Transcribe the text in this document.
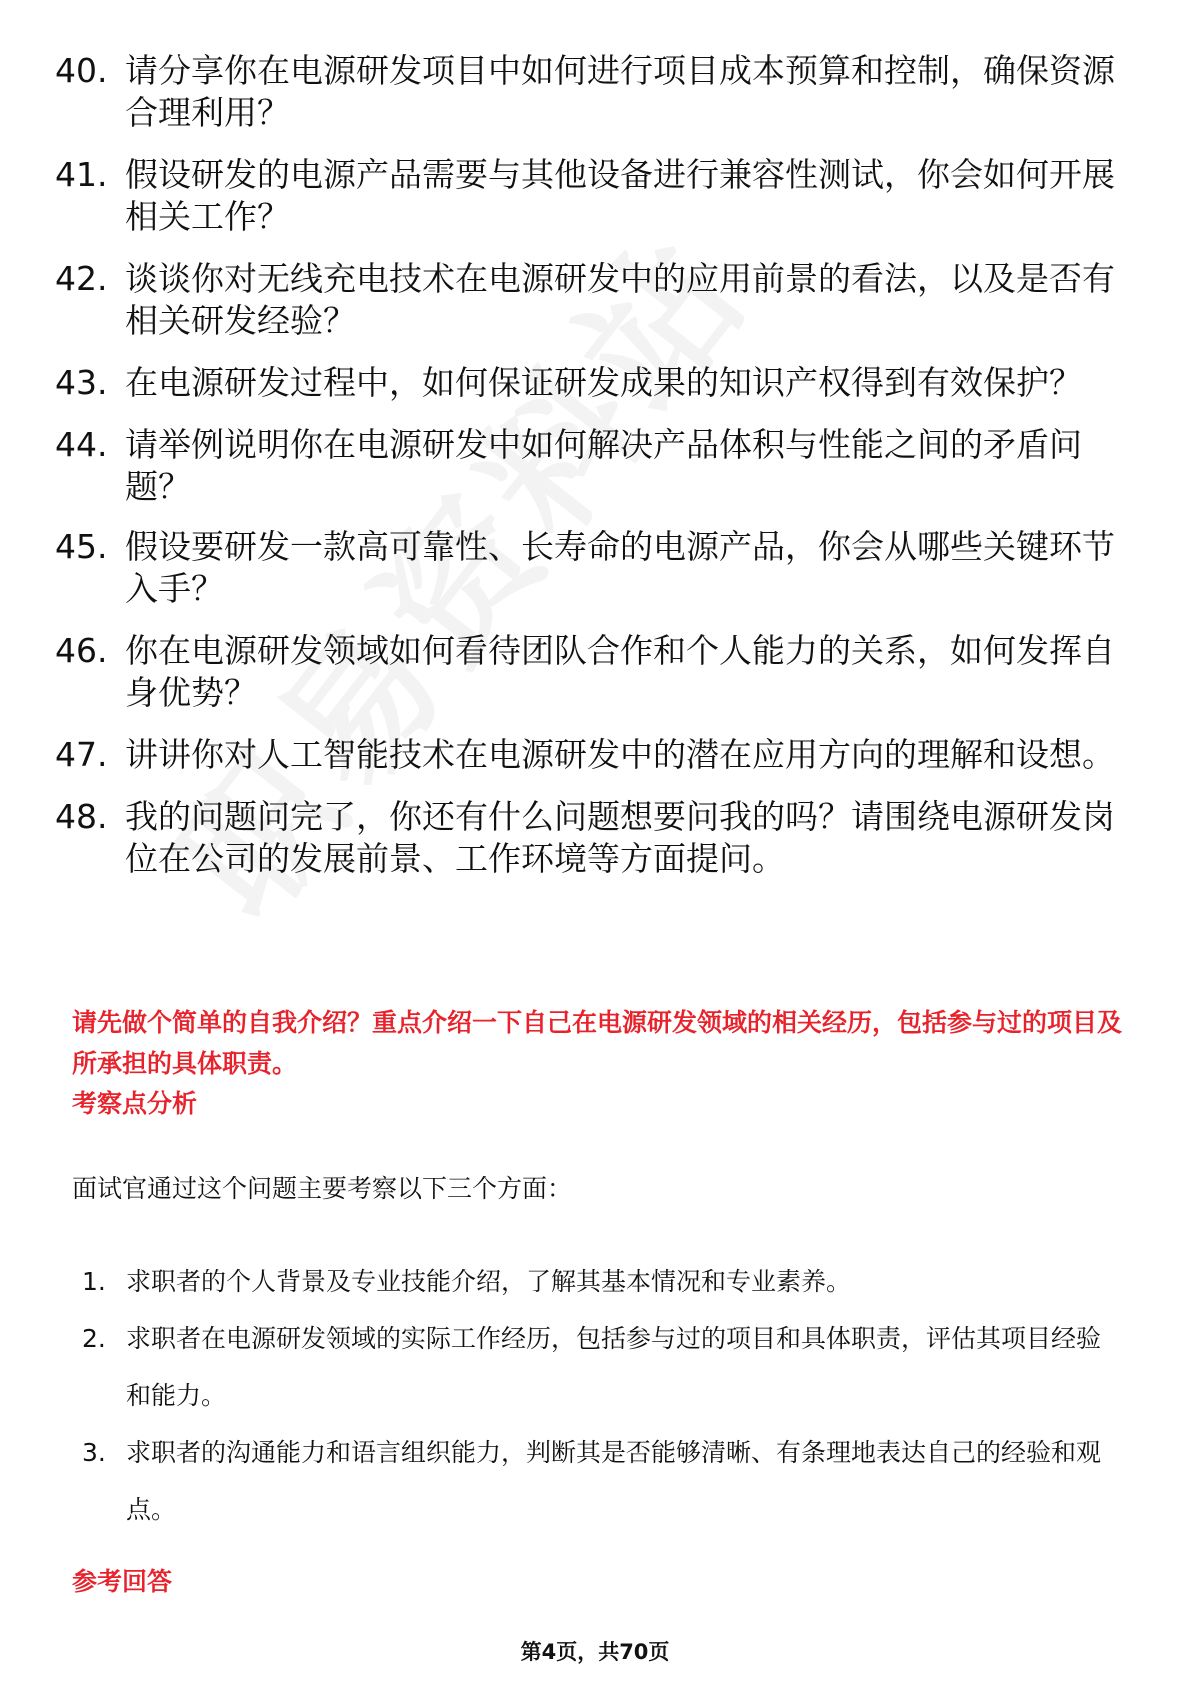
40. 请分享你在电源研发项目中如何进行项目成本预算和控制，确保资源合理利用？
41. 假设研发的电源产品需要与其他设备进行兼容性测试，你会如何开展相关工作？
42. 谈谈你对无线充电技术在电源研发中的应用前景的看法，以及是否有相关研发经验？
43. 在电源研发过程中，如何保证研发成果的知识产权得到有效保护？
44. 请举例说明你在电源研发中如何解决产品体积与性能之间的矛盾问题？
45. 假设要研发一款高可靠性、长寿命的电源产品，你会从哪些关键环节入手？
46. 你在电源研发领域如何看待团队合作和个人能力的关系，如何发挥自身优势？
47. 讲讲你对人工智能技术在电源研发中的潜在应用方向的理解和设想。
48. 我的问题问完了，你还有什么问题想要问我的吗？请围绕电源研发岗位在公司的发展前景、工作环境等方面提问。
请先做个简单的自我介绍？重点介绍一下自己在电源研发领域的相关经历，包括参与过的项目及所承担的具体职责。
考察点分析
面试官通过这个问题主要考察以下三个方面：
1. 求职者的个人背景及专业技能介绍，了解其基本情况和专业素养。
2. 求职者在电源研发领域的实际工作经历，包括参与过的项目和具体职责，评估其项目经验和能力。
3. 求职者的沟通能力和语言组织能力，判断其是否能够清晰、有条理地表达自己的经验和观点。
参考回答
第4页，共70页
